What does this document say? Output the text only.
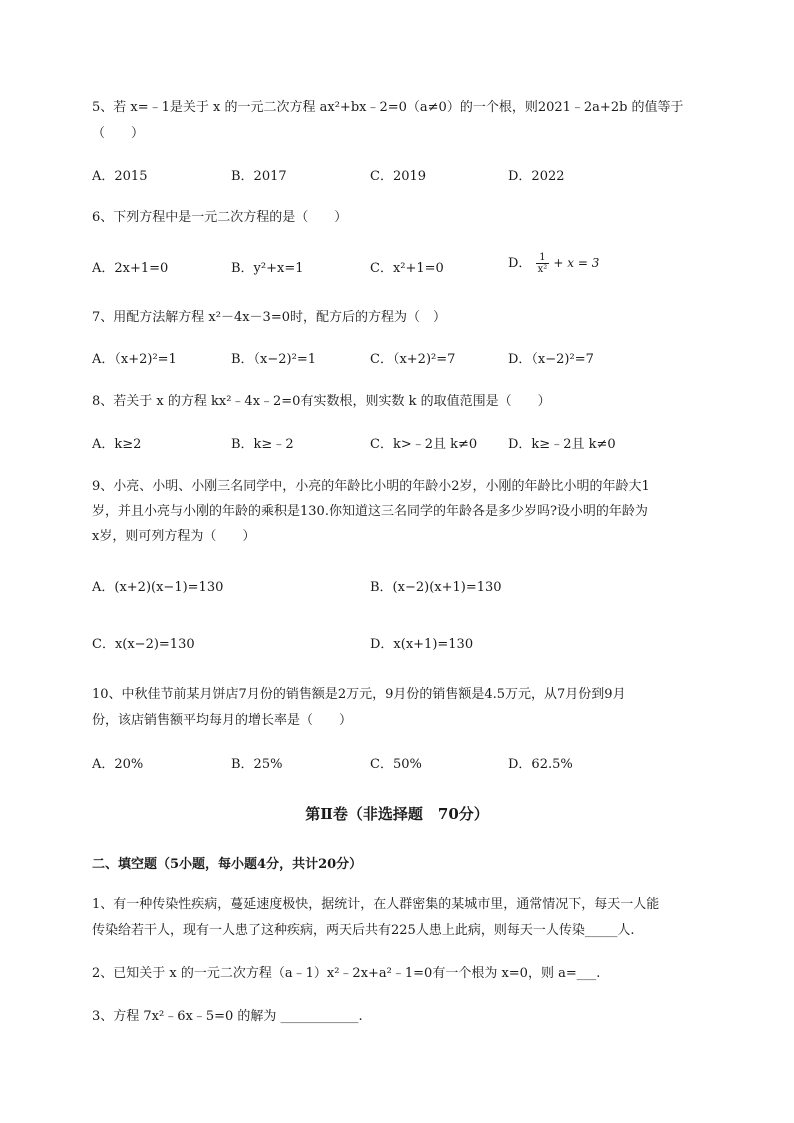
5、若 x=﹣1是关于 x 的一元二次方程 ax²+bx﹣2=0（a≠0）的一个根，则2021﹣2a+2b 的值等于
（　　）
A．2015	B．2017	C．2019	D．2022
6、下列方程中是一元二次方程的是（　　）
A．2x+1=0	B．y²+x=1	C．x²+1=0	D． $\frac{1}{\text{x²}} + x = 3$
7、用配方法解方程 x²－4x－3=0时，配方后的方程为（　）
A．（x+2)²=1	B．（x−2)²=1	C．（x+2)²=7	D．（x−2)²=7
8、若关于 x 的方程 kx²﹣4x﹣2=0有实数根，则实数 k 的取值范围是（　　）
A．k≥2	B．k≥﹣2	C．k>﹣2且 k≠0 D．k≥﹣2且 k≠0
9、小亮、小明、小刚三名同学中，小亮的年龄比小明的年龄小2岁，小刚的年龄比小明的年龄大1
岁，并且小亮与小刚的年龄的乘积是130.你知道这三名同学的年龄各是多少岁吗?设小明的年龄为
x岁，则可列方程为（　　）
A．(x+2)(x−1)=130	B．(x−2)(x+1)=130
C．x(x−2)=130	D．x(x+1)=130
10、中秋佳节前某月饼店7月份的销售额是2万元，9月份的销售额是4.5万元，从7月份到9月
份，该店销售额平均每月的增长率是（　　）
A．20%	B．25%	C．50%	D．62.5%
第Ⅱ卷（非选择题　70分）
二、填空题（5小题，每小题4分，共计20分）
1、有一种传染性疾病，蔓延速度极快，据统计，在人群密集的某城市里，通常情况下，每天一人能
传染给若干人，现有一人患了这种疾病，两天后共有225人患上此病，则每天一人传染_____人.
2、已知关于 x 的一元二次方程（a﹣1）x²﹣2x+a²﹣1=0有一个根为 x=0，则 a=___.
3、方程 7x²﹣6x﹣5=0 的解为 ____________.
